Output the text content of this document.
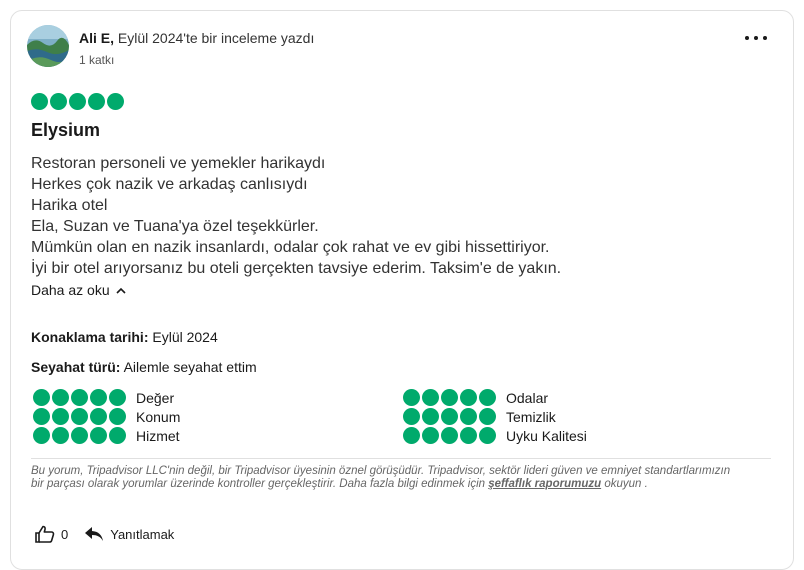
Ali E, Eylül 2024'te bir inceleme yazdı
1 katkı
Elysium
Restoran personeli ve yemekler harikaydı
Herkes çok nazik ve arkadaş canlısıydı
Harika otel
Ela, Suzan ve Tuana'ya özel teşekkürler.
Mümkün olan en nazik insanlardı, odalar çok rahat ve ev gibi hissettiriyor.
İyi bir otel arıyorsanız bu oteli gerçekten tavsiye ederim. Taksim'e de yakın.
Daha az oku
Konaklama tarihi: Eylül 2024
Seyahat türü: Ailemle seyahat ettim
Değer
Konum
Hizmet
Odalar
Temizlik
Uyku Kalitesi
Bu yorum, Tripadvisor LLC'nin değil, bir Tripadvisor üyesinin öznel görüşüdür. Tripadvisor, sektör lideri güven ve emniyet standartlarımızın bir parçası olarak yorumlar üzerinde kontroller gerçekleştirir. Daha fazla bilgi edinmek için şeffaflık raporumuzu okuyun .
0	Yanıtlamak
